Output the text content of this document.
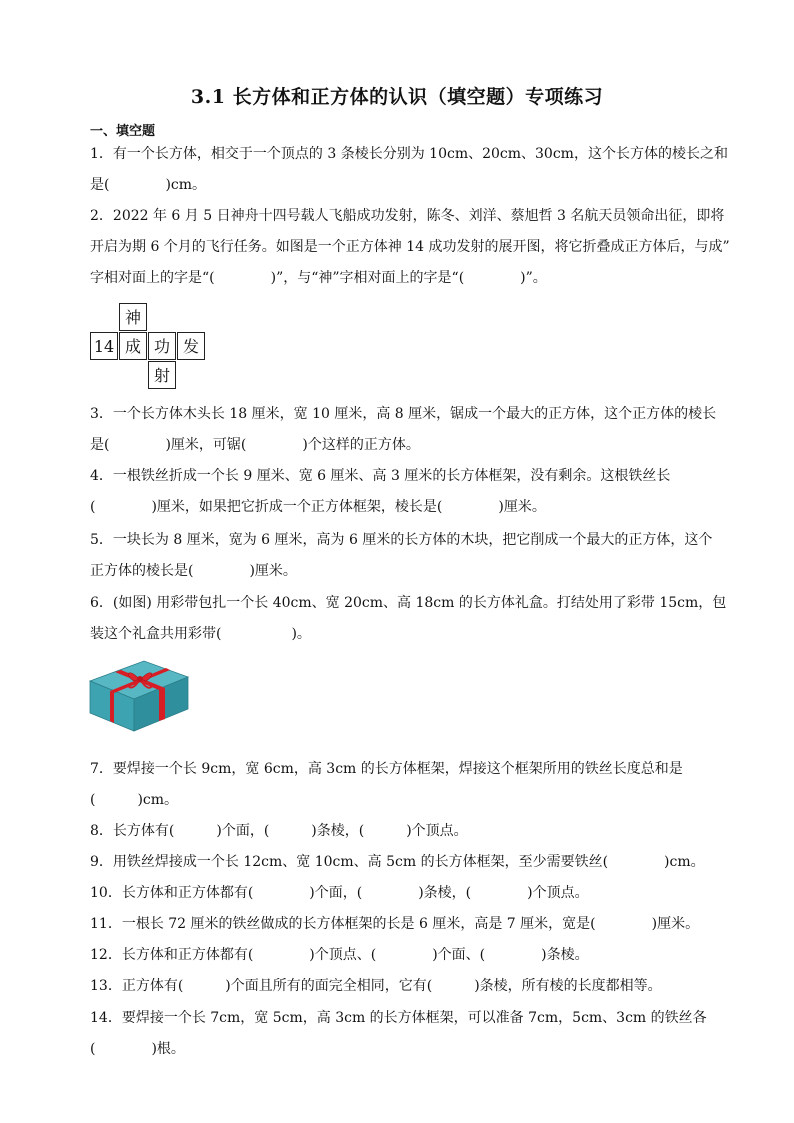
3.1 长方体和正方体的认识（填空题）专项练习
一、填空题
1．有一个长方体，相交于一个顶点的 3 条棱长分别为 10cm、20cm、30cm，这个长方体的棱长之和
是(　　　　)cm。
2．2022 年 6 月 5 日神舟十四号载人飞船成功发射，陈冬、刘洋、蔡旭哲 3 名航天员领命出征，即将
开启为期 6 个月的飞行任务。如图是一个正方体神 14 成功发射的展开图，将它折叠成正方体后，与成”
字相对面上的字是“(　　　　)”，与“神”字相对面上的字是“(　　　　)”。
神
14 成 功 发
射
3．一个长方体木头长 18 厘米，宽 10 厘米，高 8 厘米，锯成一个最大的正方体，这个正方体的棱长
是(　　　　)厘米，可锯(　　　　)个这样的正方体。
4．一根铁丝折成一个长 9 厘米、宽 6 厘米、高 3 厘米的长方体框架，没有剩余。这根铁丝长
(　　　　)厘米，如果把它折成一个正方体框架，棱长是(　　　　)厘米。
5．一块长为 8 厘米，宽为 6 厘米，高为 6 厘米的长方体的木块，把它削成一个最大的正方体，这个
正方体的棱长是(　　　　)厘米。
6．(如图) 用彩带包扎一个长 40cm、宽 20cm、高 18cm 的长方体礼盒。打结处用了彩带 15cm，包
装这个礼盒共用彩带(　　　　　)。
7．要焊接一个长 9cm，宽 6cm，高 3cm 的长方体框架，焊接这个框架所用的铁丝长度总和是
(　　　)cm。
8．长方体有(　　　)个面，(　　　)条棱，(　　　)个顶点。
9．用铁丝焊接成一个长 12cm、宽 10cm、高 5cm 的长方体框架，至少需要铁丝(　　　　)cm。
10．长方体和正方体都有(　　　　)个面，(　　　　)条棱，(　　　　)个顶点。
11．一根长 72 厘米的铁丝做成的长方体框架的长是 6 厘米，高是 7 厘米，宽是(　　　　)厘米。
12．长方体和正方体都有(　　　　)个顶点、(　　　　)个面、(　　　　)条棱。
13．正方体有(　　　)个面且所有的面完全相同，它有(　　　)条棱，所有棱的长度都相等。
14．要焊接一个长 7cm，宽 5cm，高 3cm 的长方体框架，可以准备 7cm，5cm、3cm 的铁丝各
(　　　　)根。
